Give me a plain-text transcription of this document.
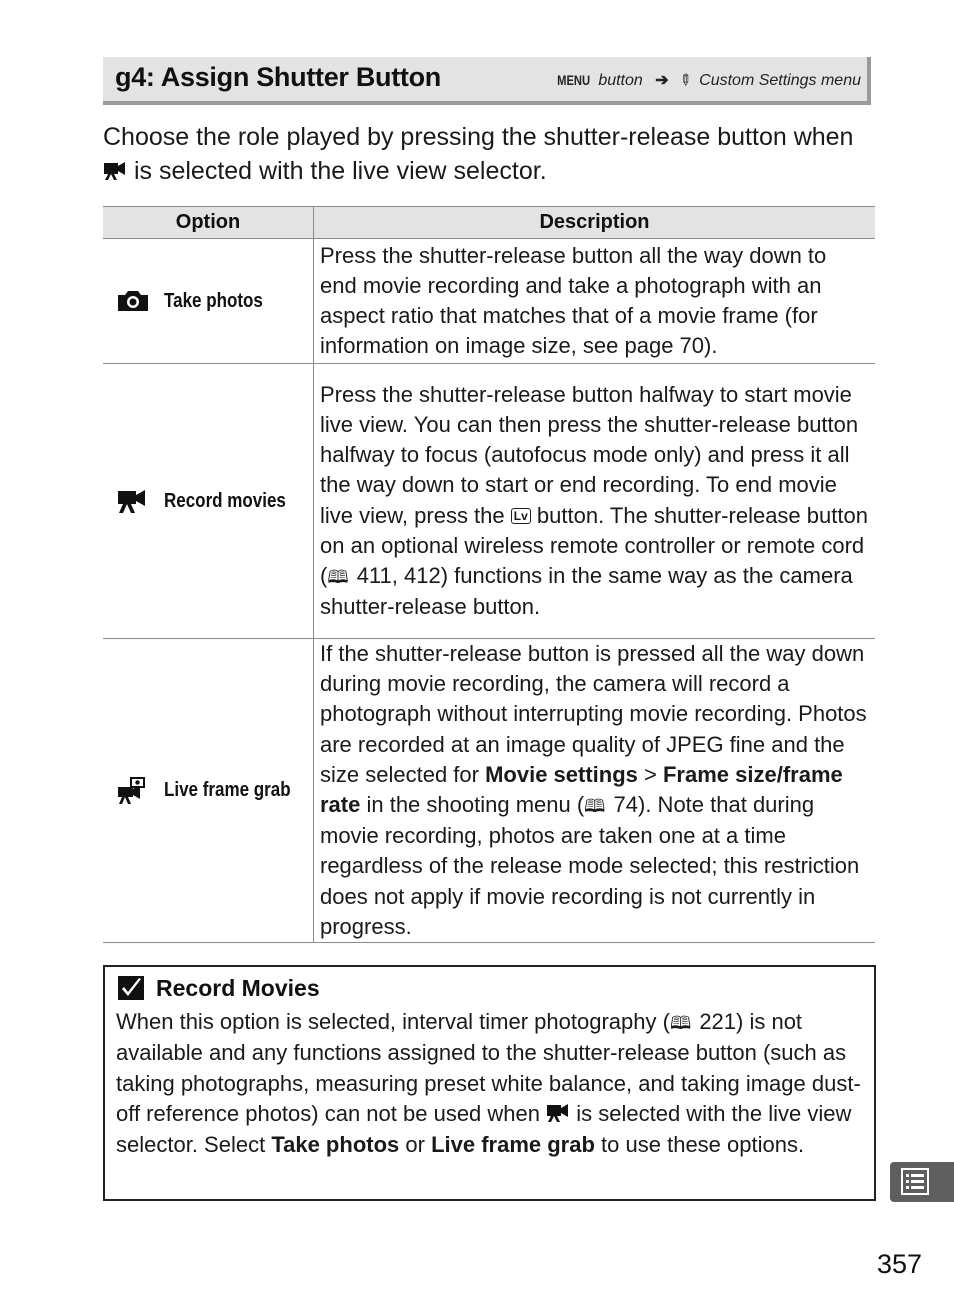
g4: Assign Shutter Button	MENU button ➔ ✎ Custom Settings menu
Choose the role played by pressing the shutter-release button when  is selected with the live view selector.
Option	Description

Take photos	Press the shutter-release button all the way down to end movie recording and take a photograph with an aspect ratio that matches that of a movie frame (for information on image size, see page 70).

Record movies	Press the shutter-release button halfway to start movie live view. You can then press the shutter-release button halfway to focus (autofocus mode only) and press it all the way down to start or end recording. To end movie live view, press the Lv button. The shutter-release button on an optional wireless remote controller or remote cord (🕮 411, 412) functions in the same way as the camera shutter-release button.

Live frame grab	If the shutter-release button is pressed all the way down during movie recording, the camera will record a photograph without interrupting movie recording. Photos are recorded at an image quality of JPEG fine and the size selected for Movie settings > Frame size/frame rate in the shooting menu (🕮 74). Note that during movie recording, photos are taken one at a time regardless of the release mode selected; this restriction does not apply if movie recording is not currently in progress.
Record Movies
When this option is selected, interval timer photography (🕮 221) is not available and any functions assigned to the shutter-release button (such as taking photographs, measuring preset white balance, and taking image dust-off reference photos) can not be used when is selected with the live view selector. Select Take photos or Live frame grab to use these options.
357
